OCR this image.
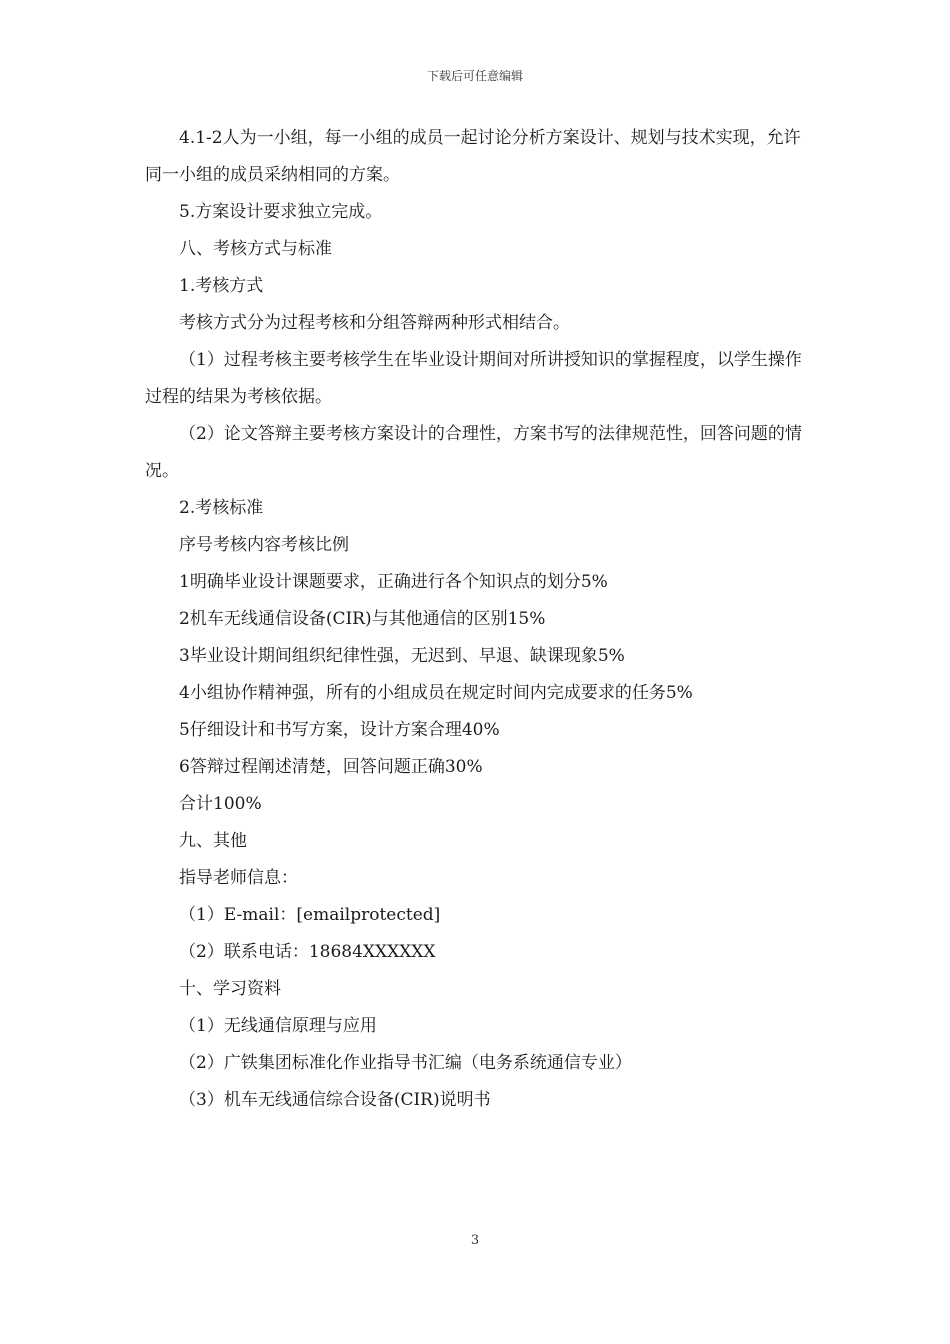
下载后可任意编辑

4.1-2人为一小组，每一小组的成员一起讨论分析方案设计、规划与技术实现，允许同一小组的成员采纳相同的方案。

5.方案设计要求独立完成。

八、考核方式与标准

1.考核方式

考核方式分为过程考核和分组答辩两种形式相结合。

（1）过程考核主要考核学生在毕业设计期间对所讲授知识的掌握程度，以学生操作过程的结果为考核依据。

（2）论文答辩主要考核方案设计的合理性，方案书写的法律规范性，回答问题的情况。

2.考核标准

序号考核内容考核比例

1明确毕业设计课题要求，正确进行各个知识点的划分5%

2机车无线通信设备(CIR)与其他通信的区别15%

3毕业设计期间组织纪律性强，无迟到、早退、缺课现象5%

4小组协作精神强，所有的小组成员在规定时间内完成要求的任务5%

5仔细设计和书写方案，设计方案合理40%

6答辩过程阐述清楚，回答问题正确30%

合计100%

九、其他

指导老师信息：

（1）E-mail：[emailprotected]

（2）联系电话：18684XXXXXX

十、学习资料

（1）无线通信原理与应用

（2）广铁集团标准化作业指导书汇编（电务系统通信专业）

（3）机车无线通信综合设备(CIR)说明书

3
